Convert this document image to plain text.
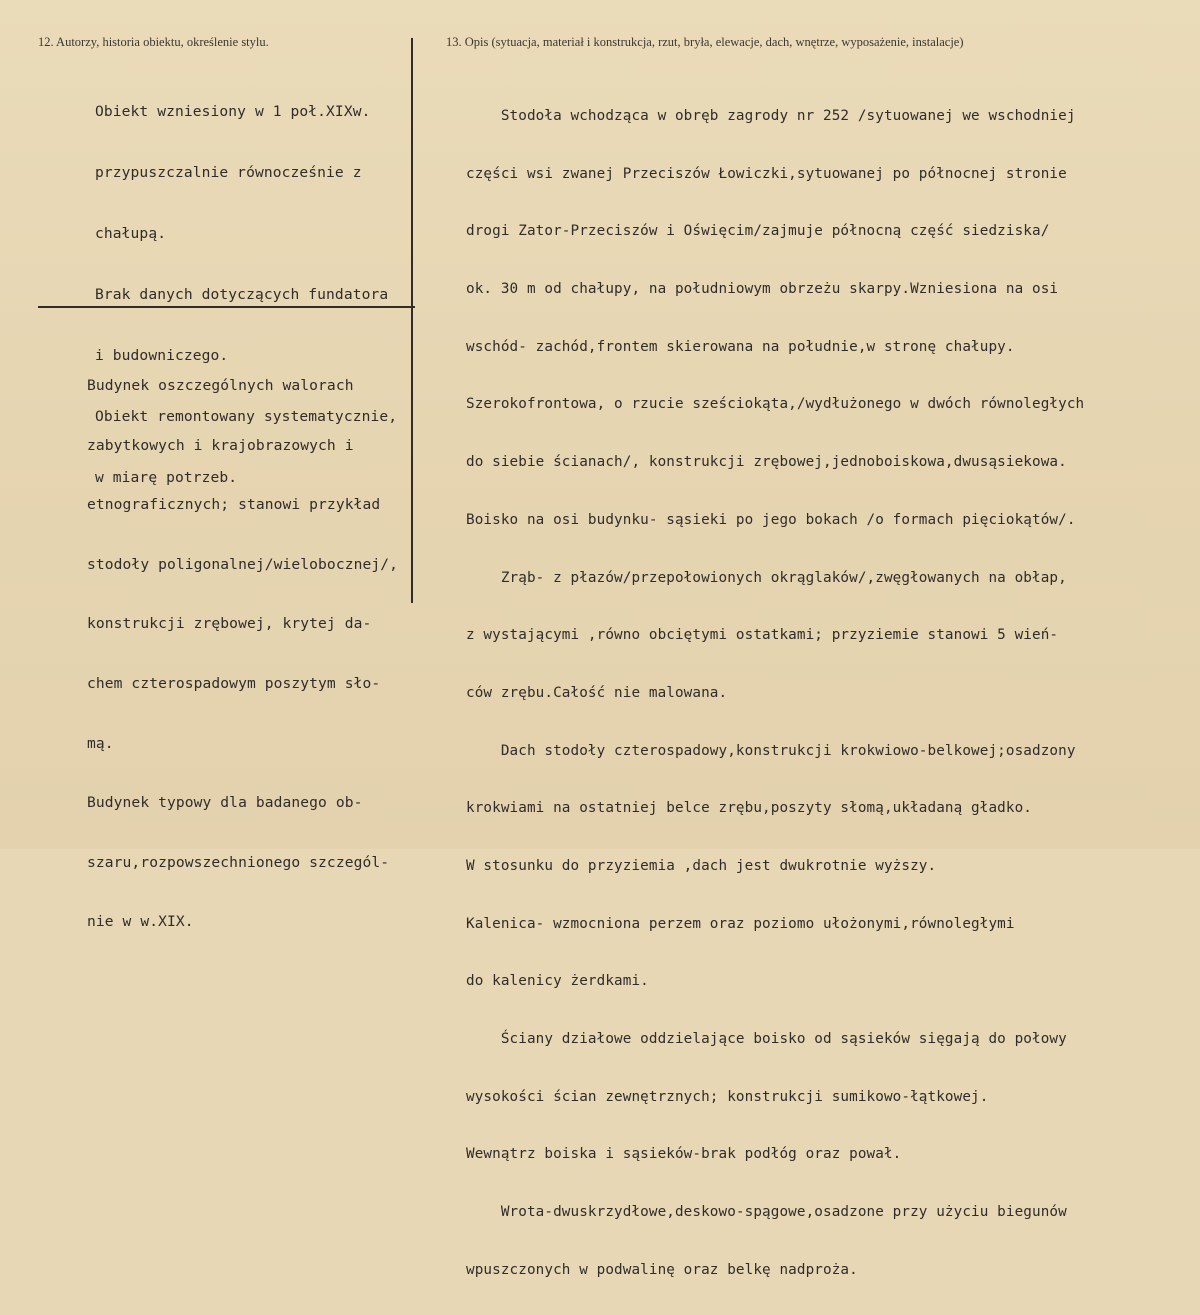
12. Autorzy, historia obiektu, określenie stylu.	13. Opis (sytuacja, materiał i konstrukcja, rzut, bryła, elewacje, dach, wnętrze, wyposażenie, instalacje)

Obiekt wzniesiony w 1 poł.XIXw.

przypuszczalnie równocześnie z

chałupą.

Brak danych dotyczących fundatora

i budowniczego.

Obiekt remontowany systematycznie,

w miarę potrzeb.

Budynek oszczególnych walorach

zabytkowych i krajobrazowych i

etnograficznych; stanowi przykład

stodoły poligonalnej/wielobocznej/,

konstrukcji zrębowej, krytej da-

chem czterospadowym poszytym sło-

mą.

Budynek typowy dla badanego ob-

szaru,rozpowszechnionego szczegól-

nie w w.XIX.

Stodoła wchodząca w obręb zagrody nr 252 /sytuowanej we wschodniej

części wsi zwanej Przeciszów Łowiczki,sytuowanej po północnej stronie

drogi Zator-Przeciszów i Oświęcim/zajmuje północną część siedziska/

ok. 30 m od chałupy, na południowym obrzeżu skarpy.Wzniesiona na osi

wschód- zachód,frontem skierowana na południe,w stronę chałupy.

Szerokofrontowa, o rzucie sześciokąta,/wydłużonego w dwóch równoległych

do siebie ścianach/, konstrukcji zrębowej,jednoboiskowa,dwusąsiekowa.

Boisko na osi budynku- sąsieki po jego bokach /o formach pięciokątów/.

Zrąb- z płazów/przepołowionych okrąglaków/,zwęgłowanych na obłap,

z wystającymi ,równo obciętymi ostatkami; przyziemie stanowi 5 wień-

ców zrębu.Całość nie malowana.

Dach stodoły czterospadowy,konstrukcji krokwiowo-belkowej;osadzony

krokwiami na ostatniej belce zrębu,poszyty słomą,układaną gładko.

W stosunku do przyziemia ,dach jest dwukrotnie wyższy.

Kalenica- wzmocniona perzem oraz poziomo ułożonymi,równoległymi

do kalenicy żerdkami.

Ściany działowe oddzielające boisko od sąsieków sięgają do połowy

wysokości ścian zewnętrznych; konstrukcji sumikowo-łątkowej.

Wewnątrz boiska i sąsieków-brak podłóg oraz pował.

Wrota-dwuskrzydłowe,deskowo-spągowe,osadzone przy użyciu biegunów

wpuszczonych w podwalinę oraz belkę nadproża.
